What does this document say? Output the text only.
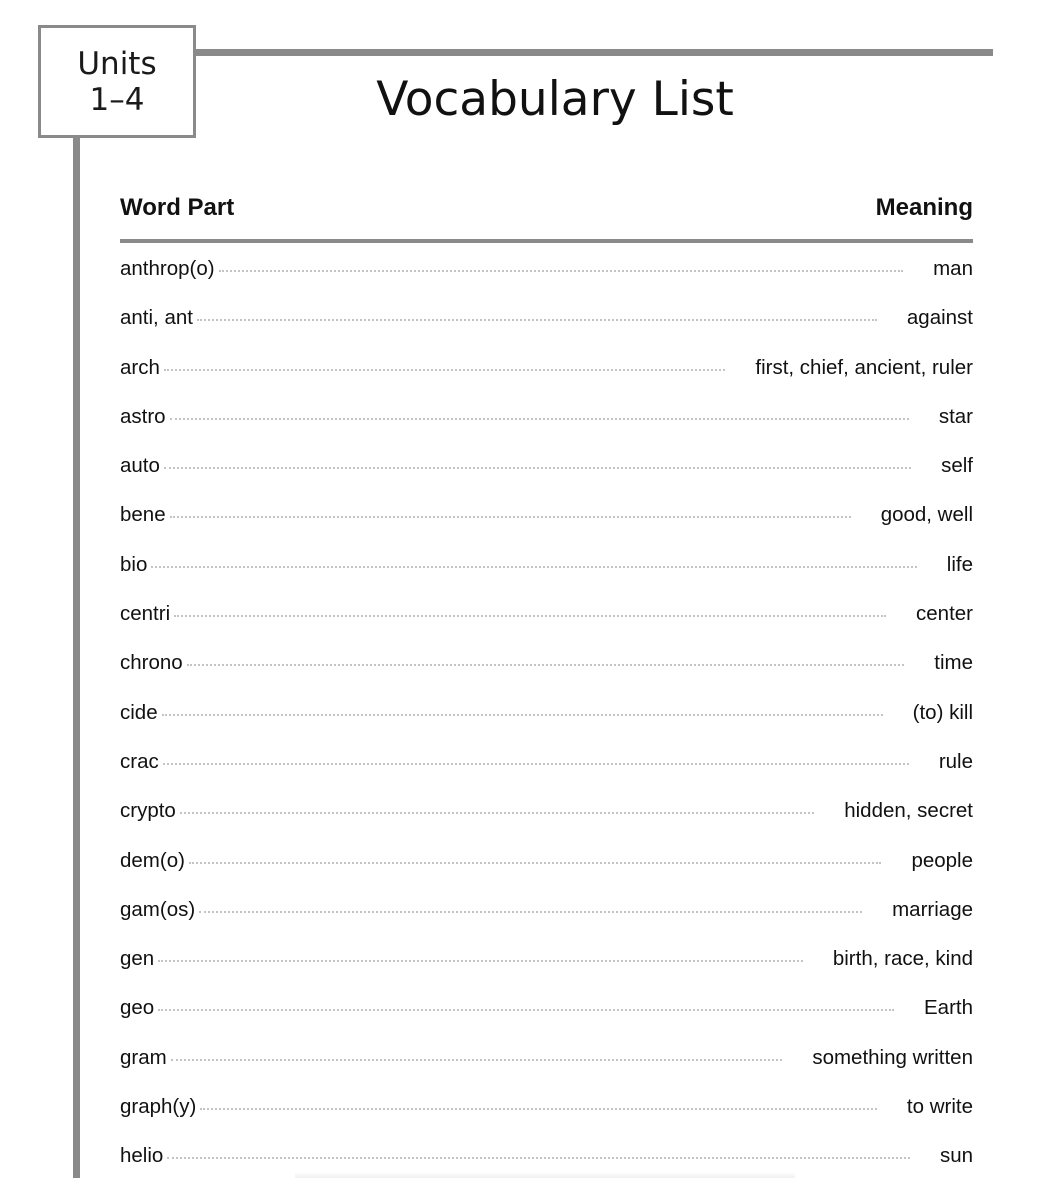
Units
1–4	Vocabulary List
Word Part	Meaning
anthrop(o)	man
anti, ant	against
arch	first, chief, ancient, ruler
astro	star
auto	self
bene	good, well
bio	life
centri	center
chrono	time
cide	(to) kill
crac	rule
crypto	hidden, secret
dem(o)	people
gam(os)	marriage
gen	birth, race, kind
geo	Earth
gram	something written
graph(y)	to write
helio	sun
